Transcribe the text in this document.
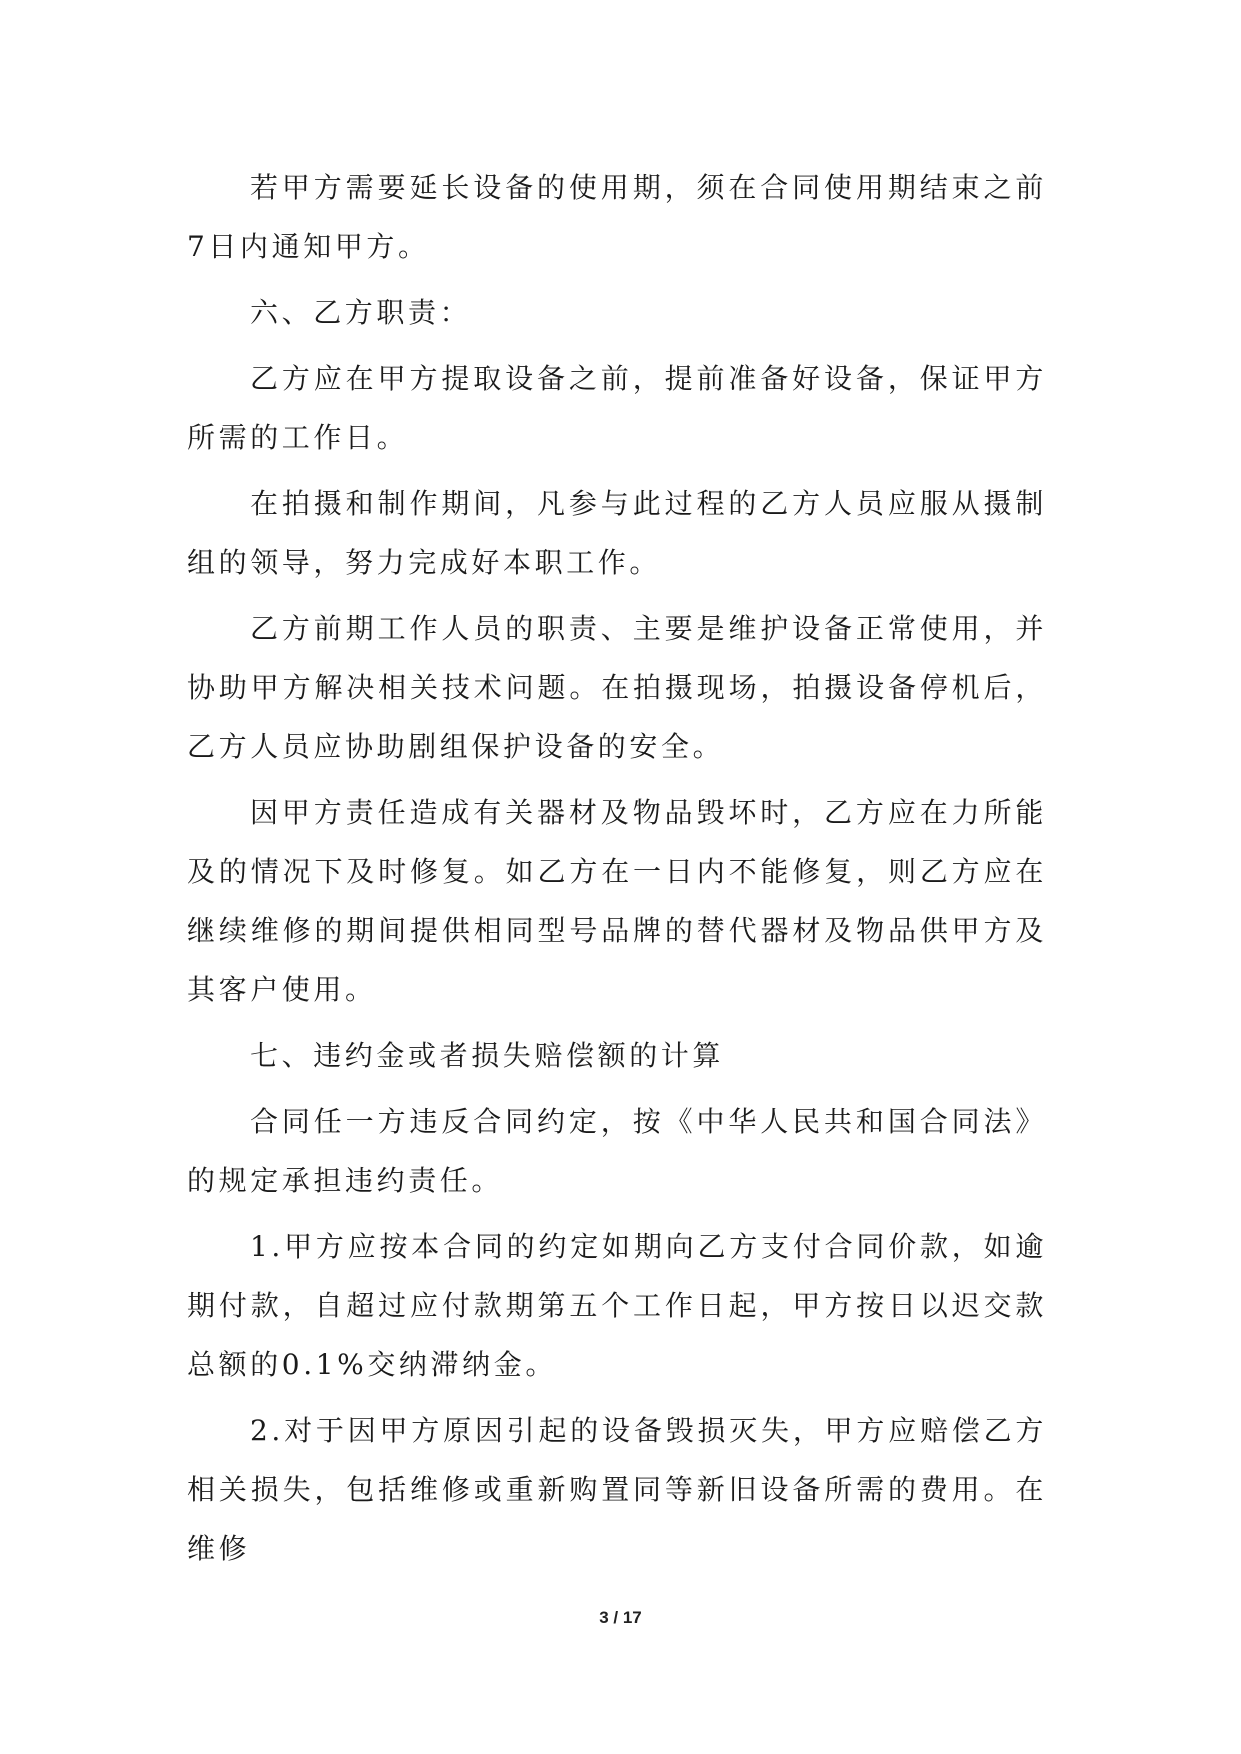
若甲方需要延长设备的使用期，须在合同使用期结束之前7日内通知甲方。

六、乙方职责：

乙方应在甲方提取设备之前，提前准备好设备，保证甲方所需的工作日。

在拍摄和制作期间，凡参与此过程的乙方人员应服从摄制组的领导，努力完成好本职工作。

乙方前期工作人员的职责、主要是维护设备正常使用，并协助甲方解决相关技术问题。在拍摄现场，拍摄设备停机后，乙方人员应协助剧组保护设备的安全。

因甲方责任造成有关器材及物品毁坏时，乙方应在力所能及的情况下及时修复。如乙方在一日内不能修复，则乙方应在继续维修的期间提供相同型号品牌的替代器材及物品供甲方及其客户使用。

七、违约金或者损失赔偿额的计算

合同任一方违反合同约定，按《中华人民共和国合同法》的规定承担违约责任。

1.甲方应按本合同的约定如期向乙方支付合同价款，如逾期付款，自超过应付款期第五个工作日起，甲方按日以迟交款总额的0.1%交纳滞纳金。

2.对于因甲方原因引起的设备毁损灭失，甲方应赔偿乙方相关损失，包括维修或重新购置同等新旧设备所需的费用。在维修

3 / 17
